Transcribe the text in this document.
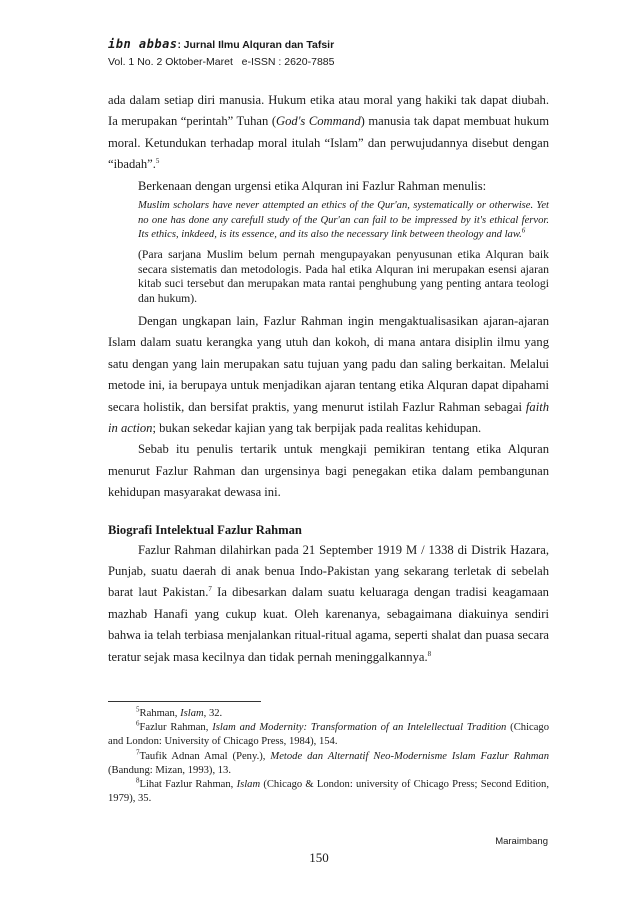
ibn abbas: Jurnal Ilmu Alquran dan Tafsir
Vol. 1 No. 2 Oktober-Maret e-ISSN : 2620-7885

ada dalam setiap diri manusia. Hukum etika atau moral yang hakiki tak dapat diubah. Ia merupakan “perintah” Tuhan (God's Command) manusia tak dapat membuat hukum moral. Ketundukan terhadap moral itulah “Islam” dan perwujudannya disebut dengan “ibadah”.$^5$

Berkenaan dengan urgensi etika Alquran ini Fazlur Rahman menulis:

Muslim scholars have never attempted an ethics of the Qur'an, systematically or otherwise. Yet no one has done any carefull study of the Qur'an can fail to be impressed by it's ethical fervor. Its ethics, inkdeed, is its essence, and its also the necessary link between theology and law.$^6$

(Para sarjana Muslim belum pernah mengupayakan penyusunan etika Alquran baik secara sistematis dan metodologis. Pada hal etika Alquran ini merupakan esensi ajaran kitab suci tersebut dan merupakan mata rantai penghubung yang penting antara teologi dan hukum).

Dengan ungkapan lain, Fazlur Rahman ingin mengaktualisasikan ajaran-ajaran Islam dalam suatu kerangka yang utuh dan kokoh, di mana antara disiplin ilmu yang satu dengan yang lain merupakan satu tujuan yang padu dan saling berkaitan. Melalui metode ini, ia berupaya untuk menjadikan ajaran tentang etika Alquran dapat dipahami secara holistik, dan bersifat praktis, yang menurut istilah Fazlur Rahman sebagai faith in action; bukan sekedar kajian yang tak berpijak pada realitas kehidupan.

Sebab itu penulis tertarik untuk mengkaji pemikiran tentang etika Alquran menurut Fazlur Rahman dan urgensinya bagi penegakan etika dalam pembangunan kehidupan masyarakat dewasa ini.

Biografi Intelektual Fazlur Rahman

Fazlur Rahman dilahirkan pada 21 September 1919 M / 1338 di Distrik Hazara, Punjab, suatu daerah di anak benua Indo-Pakistan yang sekarang terletak di sebelah barat laut Pakistan.$^7$ Ia dibesarkan dalam suatu keluaraga dengan tradisi keagamaan mazhab Hanafi yang cukup kuat. Oleh karenanya, sebagaimana diakuinya sendiri bahwa ia telah terbiasa menjalankan ritual-ritual agama, seperti shalat dan puasa secara teratur sejak masa kecilnya dan tidak pernah meninggalkannya.$^8$

$^5$Rahman, Islam, 32.

$^6$Fazlur Rahman, Islam and Modernity: Transformation of an Intelellectual Tradition (Chicago and London: University of Chicago Press, 1984), 154.

$^7$Taufik Adnan Amal (Peny.), Metode dan Alternatif Neo-Modernisme Islam Fazlur Rahman (Bandung: Mizan, 1993), 13.

$^8$Lihat Fazlur Rahman, Islam (Chicago & London: university of Chicago Press; Second Edition, 1979), 35.

Maraimbang
150
